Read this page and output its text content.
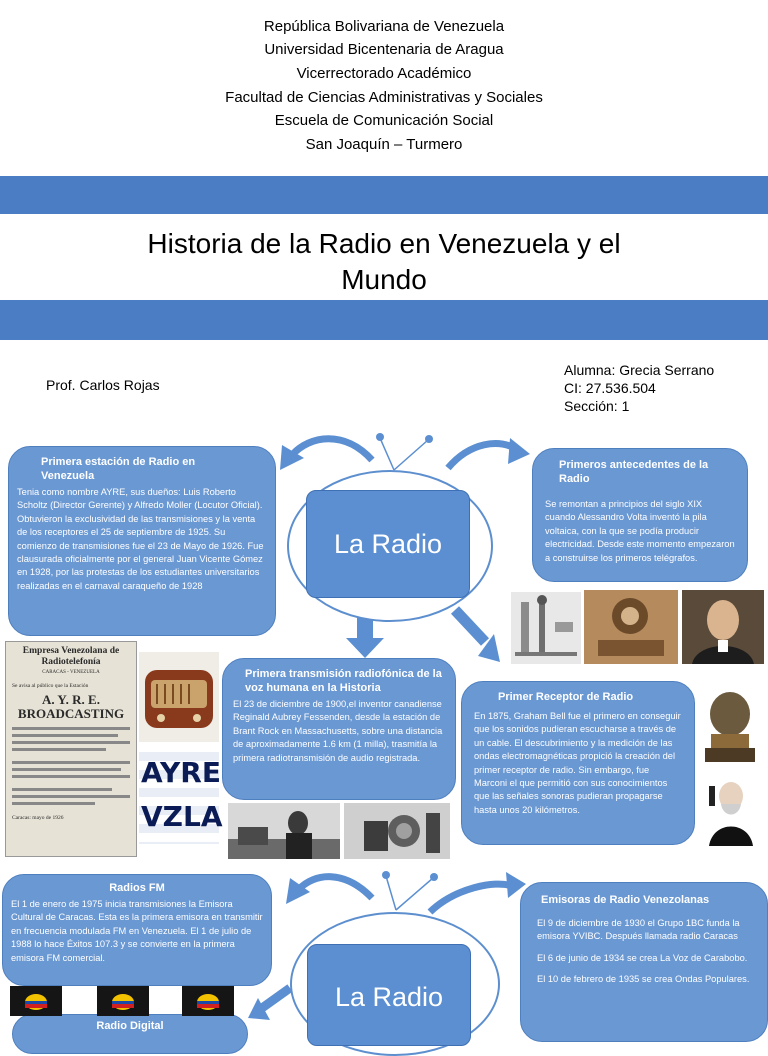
República Bolivariana de Venezuela
Universidad Bicentenaria de Aragua
Vicerrectorado Académico
Facultad de Ciencias Administrativas y Sociales
Escuela de Comunicación Social
San Joaquín – Turmero
Historia de la Radio en Venezuela y el Mundo
Prof. Carlos Rojas
Alumna: Grecia Serrano
CI: 27.536.504
Sección: 1
La Radio
La Radio
Primera estación de Radio en Venezuela
Tenia como nombre AYRE, sus dueños: Luis Roberto Scholtz (Director Gerente) y Alfredo Moller (Locutor Oficial). Obtuvieron la exclusividad de las transmisiones y la venta de los receptores el 25 de septiembre de 1925. Su comienzo de transmisiones fue el 23 de Mayo de 1926. Fue clausurada oficialmente por el general Juan Vicente Gómez en 1928, por las protestas de los estudiantes universitarios realizadas en el carnaval caraqueño de 1928
Primeros antecedentes de la Radio
Se remontan a principios del siglo XIX cuando Alessandro Volta inventó la pila voltaica, con la que se podía producir electricidad. Desde este momento empezaron a construirse los primeros telégrafos.
Primera transmisión radiofónica de la voz humana en la Historia
El 23 de diciembre de 1900,el inventor canadiense Reginald Aubrey Fessenden, desde la estación de Brant Rock en Massachusetts, sobre una distancia de aproximadamente 1.6 km (1 milla), trasmitía la primera radiotransmisión de audio registrada.
Primer Receptor de Radio
En 1875, Graham Bell fue el primero en conseguir que los sonidos pudieran escucharse a través de un cable. El descubrimiento y la medición de las ondas electromagnéticas propició la creación del primer receptor de radio. Sin embargo, fue Marconi el que permitió con sus conocimientos que las señales sonoras pudieran propagarse hasta unos 20 kilómetros.
Radios FM
El 1 de enero de 1975 inicia transmisiones la Emisora Cultural de Caracas. Esta es la primera emisora en transmitir en frecuencia modulada FM en Venezuela. El 1 de julio de 1988 lo hace Éxitos 107.3 y se convierte en la primera emisora FM comercial.
Emisoras de Radio Venezolanas

El 9 de diciembre de 1930 el Grupo 1BC funda la emisora YVIBC. Después llamada radio Caracas

El 6 de junio de 1934 se crea La Voz de Carabobo.

El 10 de febrero de 1935 se crea Ondas Populares.

Radio Digital
Empresa Venezolana de Radiotelefonía
CARACAS - VENEZUELA
Se avisa al público que la Estación
A. Y. R. E. BROADCASTING
Caracas: mayo de 1926
AYRE
VZLA
